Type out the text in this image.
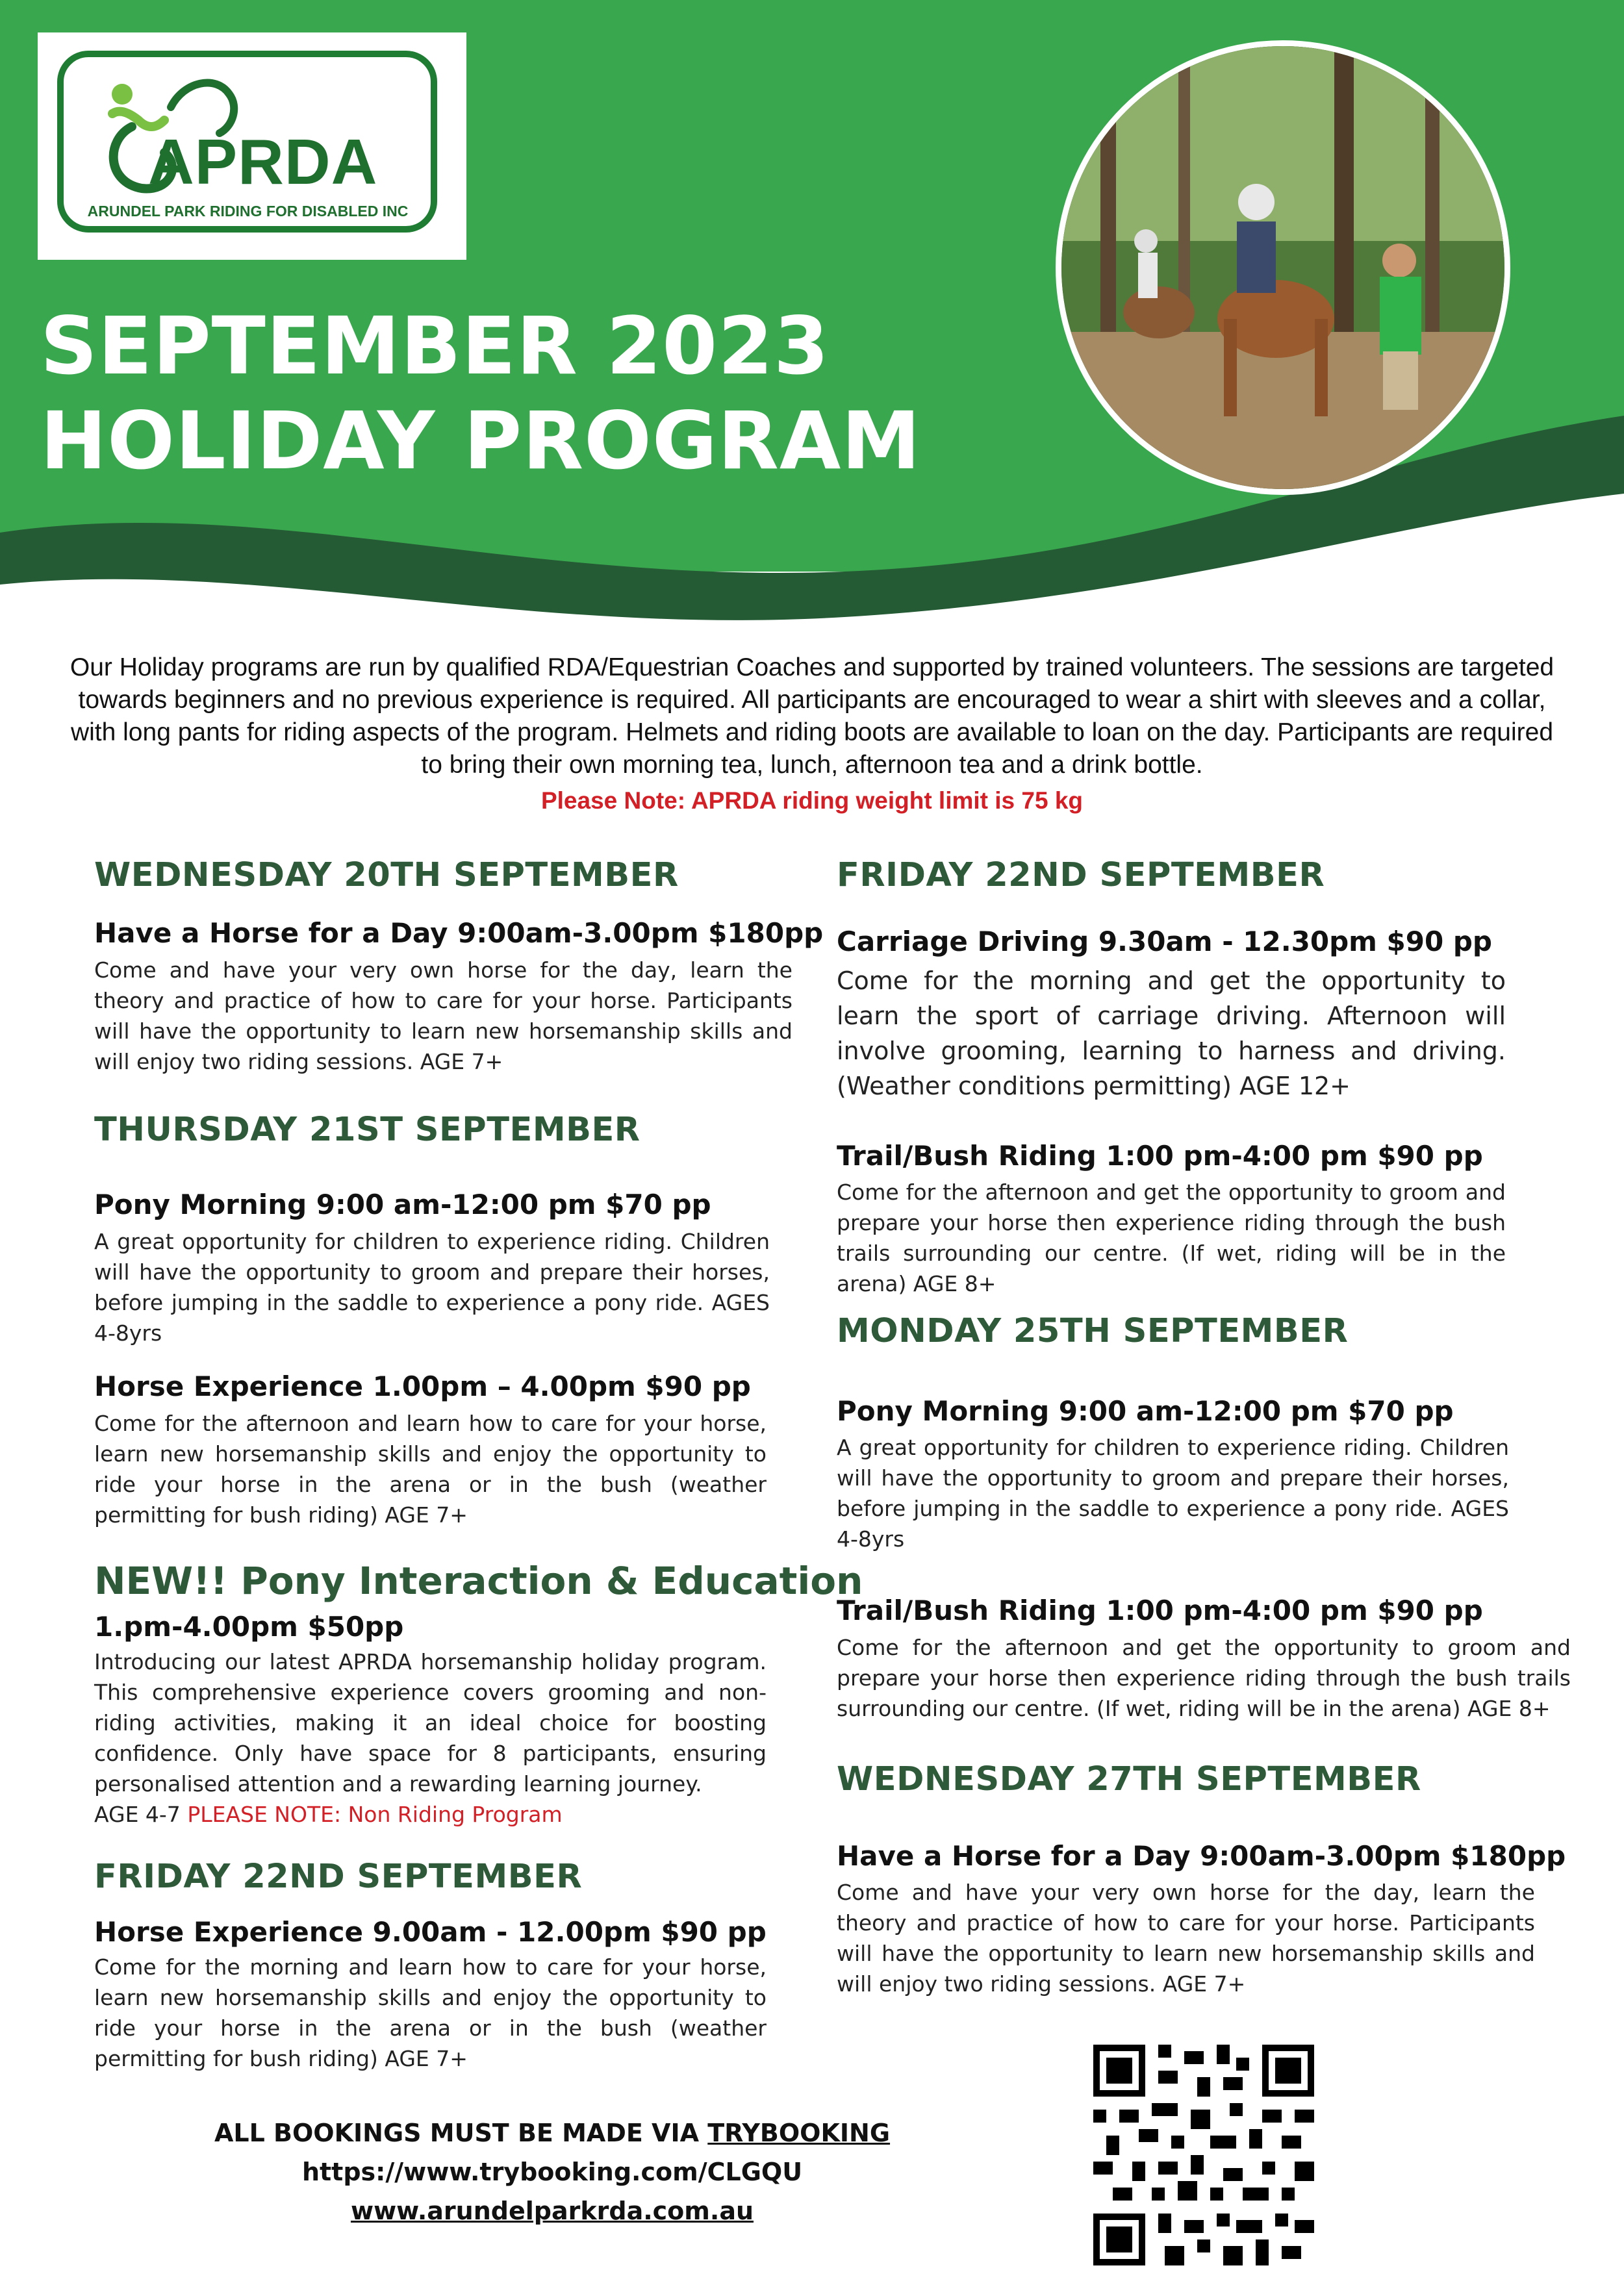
APRDA
ARUNDEL PARK RIDING FOR DISABLED INC
SEPTEMBER 2023
HOLIDAY PROGRAM
Our Holiday programs are run by qualified RDA/Equestrian Coaches and supported by trained volunteers. The sessions are targeted towards beginners and no previous experience is required. All participants are encouraged to wear a shirt with sleeves and a collar, with long pants for riding aspects of the program. Helmets and riding boots are available to loan on the day. Participants are required to bring their own morning tea, lunch, afternoon tea and a drink bottle.
Please Note: APRDA riding weight limit is 75 kg
WEDNESDAY 20TH SEPTEMBER
Have a Horse for a Day 9:00am-3.00pm $180pp
Come and have your very own horse for the day, learn the theory and practice of how to care for your horse. Participants will have the opportunity to learn new horsemanship skills and will enjoy two riding sessions. AGE 7+
THURSDAY 21ST SEPTEMBER
Pony Morning 9:00 am-12:00 pm $70 pp
A great opportunity for children to experience riding. Children will have the opportunity to groom and prepare their horses, before jumping in the saddle to experience a pony ride. AGES 4-8yrs
Horse Experience 1.00pm – 4.00pm $90 pp
Come for the afternoon and learn how to care for your horse, learn new horsemanship skills and enjoy the opportunity to ride your horse in the arena or in the bush (weather permitting for bush riding) AGE 7+
NEW!! Pony Interaction & Education
1.pm-4.00pm $50pp
Introducing our latest APRDA horsemanship holiday program. This comprehensive experience covers grooming and non-riding activities, making it an ideal choice for boosting confidence. Only have space for 8 participants, ensuring personalised attention and a rewarding learning journey.
AGE 4-7 PLEASE NOTE: Non Riding Program
FRIDAY 22ND SEPTEMBER
Horse Experience 9.00am - 12.00pm $90 pp
Come for the morning and learn how to care for your horse, learn new horsemanship skills and enjoy the opportunity to ride your horse in the arena or in the bush (weather permitting for bush riding) AGE 7+
FRIDAY 22ND SEPTEMBER
Carriage Driving 9.30am - 12.30pm $90 pp
Come for the morning and get the opportunity to learn the sport of carriage driving. Afternoon will involve grooming, learning to harness and driving. (Weather conditions permitting) AGE 12+
Trail/Bush Riding 1:00 pm-4:00 pm $90 pp
Come for the afternoon and get the opportunity to groom and prepare your horse then experience riding through the bush trails surrounding our centre. (If wet, riding will be in the arena) AGE 8+
MONDAY 25TH SEPTEMBER
Pony Morning 9:00 am-12:00 pm $70 pp
A great opportunity for children to experience riding. Children will have the opportunity to groom and prepare their horses, before jumping in the saddle to experience a pony ride. AGES 4-8yrs
Trail/Bush Riding 1:00 pm-4:00 pm $90 pp
Come for the afternoon and get the opportunity to groom and prepare your horse then experience riding through the bush trails surrounding our centre. (If wet, riding will be in the arena) AGE 8+
WEDNESDAY 27TH SEPTEMBER
Have a Horse for a Day 9:00am-3.00pm $180pp
Come and have your very own horse for the day, learn the theory and practice of how to care for your horse. Participants will have the opportunity to learn new horsemanship skills and will enjoy two riding sessions. AGE 7+
ALL BOOKINGS MUST BE MADE VIA TRYBOOKING
https://www.trybooking.com/CLGQU
www.arundelparkrda.com.au
